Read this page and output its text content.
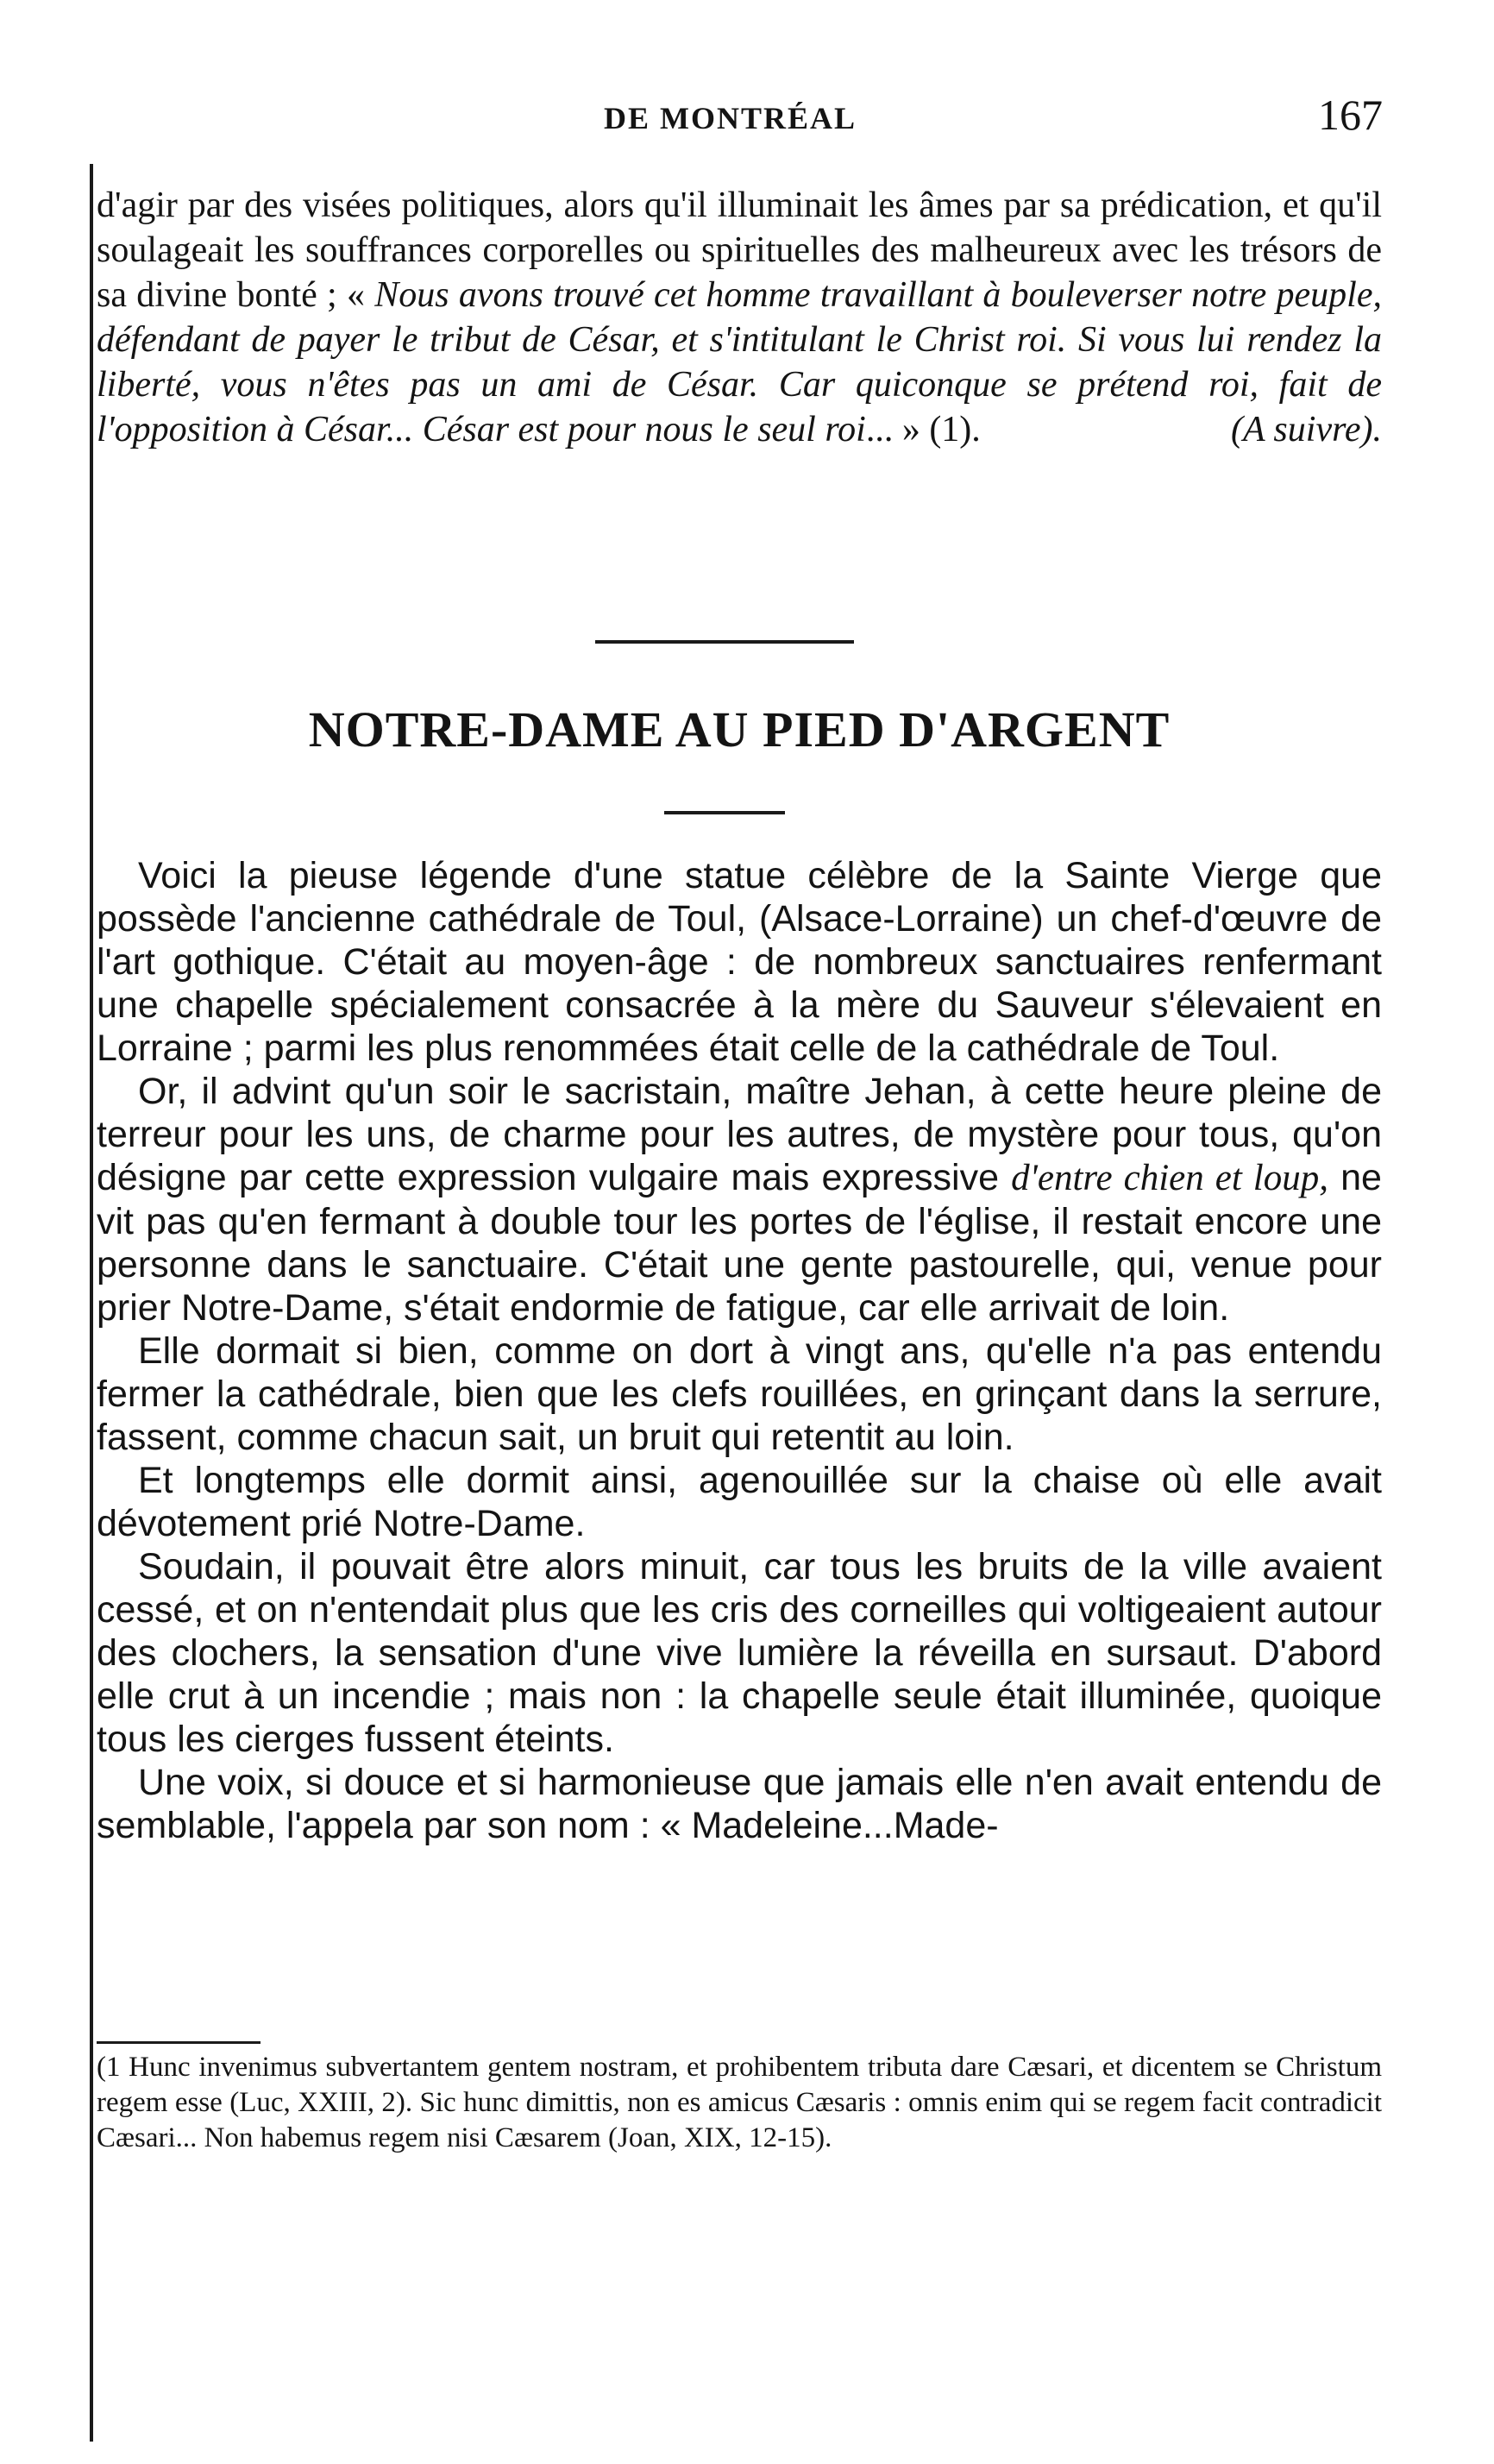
DE MONTRÉAL	167
d'agir par des visées politiques, alors qu'il illuminait les âmes par sa prédication, et qu'il soulageait les souffrances corporelles ou spirituelles des malheureux avec les trésors de sa divine bonté ; « Nous avons trouvé cet homme travaillant à bouleverser notre peuple, défendant de payer le tribut de César, et s'intitulant le Christ roi. Si vous lui rendez la liberté, vous n'êtes pas un ami de César. Car quiconque se prétend roi, fait de l'opposition à César... César est pour nous le seul roi... » (1).	(A suivre).
NOTRE-DAME AU PIED D'ARGENT

Voici la pieuse légende d'une statue célèbre de la Sainte Vierge que possède l'ancienne cathédrale de Toul, (Alsace-Lorraine) un chef-d'œuvre de l'art gothique. C'était au moyen-âge : de nombreux sanctuaires renfermant une chapelle spécialement consacrée à la mère du Sauveur s'élevaient en Lorraine ; parmi les plus renommées était celle de la cathédrale de Toul.

Or, il advint qu'un soir le sacristain, maître Jehan, à cette heure pleine de terreur pour les uns, de charme pour les autres, de mystère pour tous, qu'on désigne par cette expression vulgaire mais expressive d'entre chien et loup, ne vit pas qu'en fermant à double tour les portes de l'église, il restait encore une personne dans le sanctuaire. C'était une gente pastourelle, qui, venue pour prier Notre-Dame, s'était endormie de fatigue, car elle arrivait de loin.

Elle dormait si bien, comme on dort à vingt ans, qu'elle n'a pas entendu fermer la cathédrale, bien que les clefs rouillées, en grinçant dans la serrure, fassent, comme chacun sait, un bruit qui retentit au loin.

Et longtemps elle dormit ainsi, agenouillée sur la chaise où elle avait dévotement prié Notre-Dame.

Soudain, il pouvait être alors minuit, car tous les bruits de la ville avaient cessé, et on n'entendait plus que les cris des corneilles qui voltigeaient autour des clochers, la sensation d'une vive lumière la réveilla en sursaut. D'abord elle crut à un incendie ; mais non : la chapelle seule était illuminée, quoique tous les cierges fussent éteints.

Une voix, si douce et si harmonieuse que jamais elle n'en avait entendu de semblable, l'appela par son nom : « Madeleine...Made-

(1 Hunc invenimus subvertantem gentem nostram, et prohibentem tributa dare Cæsari, et dicentem se Christum regem esse (Luc, XXIII, 2). Sic hunc dimittis, non es amicus Cæsaris : omnis enim qui se regem facit contradicit Cæsari... Non habemus regem nisi Cæsarem (Joan, XIX, 12-15).
